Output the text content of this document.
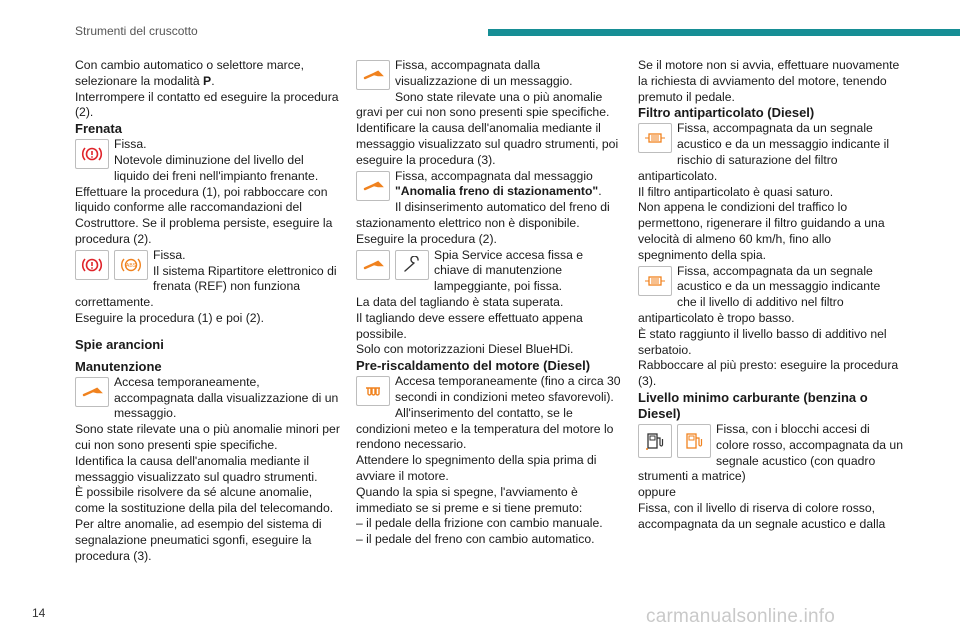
Strumenti del cruscotto

Con cambio automatico o selettore marce, selezionare la modalità P.

Interrompere il contatto ed eseguire la procedura (2).

Frenata

Fissa.

Notevole diminuzione del livello del liquido dei freni nell'impianto frenante.

Effettuare la procedura (1), poi rabboccare con liquido conforme alle raccomandazioni del Costruttore. Se il problema persiste, eseguire la procedura (2).

ABS

Fissa.

Il sistema Ripartitore elettronico di frenata (REF) non funziona correttamente.

Eseguire la procedura (1) e poi (2).

Spie arancioni

Manutenzione

Accesa temporaneamente, accompagnata dalla visualizzazione di un messaggio.

Sono state rilevate una o più anomalie minori per cui non sono presenti spie specifiche.

Identifica la causa dell'anomalia mediante il messaggio visualizzato sul quadro strumenti.

È possibile risolvere da sé alcune anomalie, come la sostituzione della pila del telecomando.

Per altre anomalie, ad esempio del sistema di segnalazione pneumatici sgonfi, eseguire la procedura (3).

Fissa, accompagnata dalla visualizzazione di un messaggio.

Sono state rilevate una o più anomalie gravi per cui non sono presenti spie specifiche.

Identificare la causa dell'anomalia mediante il messaggio visualizzato sul quadro strumenti, poi eseguire la procedura (3).

Fissa, accompagnata dal messaggio "Anomalia freno di stazionamento".

Il disinserimento automatico del freno di stazionamento elettrico non è disponibile.

Eseguire la procedura (2).

Spia Service accesa fissa e chiave di manutenzione lampeggiante, poi fissa.

La data del tagliando è stata superata.

Il tagliando deve essere effettuato appena possibile.

Solo con motorizzazioni Diesel BlueHDi.

Pre-riscaldamento del motore (Diesel)

Accesa temporaneamente (fino a circa 30 secondi in condizioni meteo sfavorevoli).

All'inserimento del contatto, se le condizioni meteo e la temperatura del motore lo rendono necessario.

Attendere lo spegnimento della spia prima di avviare il motore.

Quando la spia si spegne, l'avviamento è immediato se si preme e si tiene premuto:

– il pedale della frizione con cambio manuale.

– il pedale del freno con cambio automatico.

Se il motore non si avvia, effettuare nuovamente la richiesta di avviamento del motore, tenendo premuto il pedale.

Filtro antiparticolato (Diesel)

Fissa, accompagnata da un segnale acustico e da un messaggio indicante il rischio di saturazione del filtro antiparticolato.

Il filtro antiparticolato è quasi saturo.

Non appena le condizioni del traffico lo permettono, rigenerare il filtro guidando a una velocità di almeno 60 km/h, fino allo spegnimento della spia.

Fissa, accompagnata da un segnale acustico e da un messaggio indicante che il livello di additivo nel filtro antiparticolato è tropo basso.

È stato raggiunto il livello basso di additivo nel serbatoio.

Rabboccare al più presto: eseguire la procedura (3).

Livello minimo carburante (benzina o Diesel)

Fissa, con i blocchi accesi di colore rosso, accompagnata da un segnale acustico (con quadro strumenti a matrice)

oppure

Fissa, con il livello di riserva di colore rosso, accompagnata da un segnale acustico e dalla

14	carmanualsonline.info
